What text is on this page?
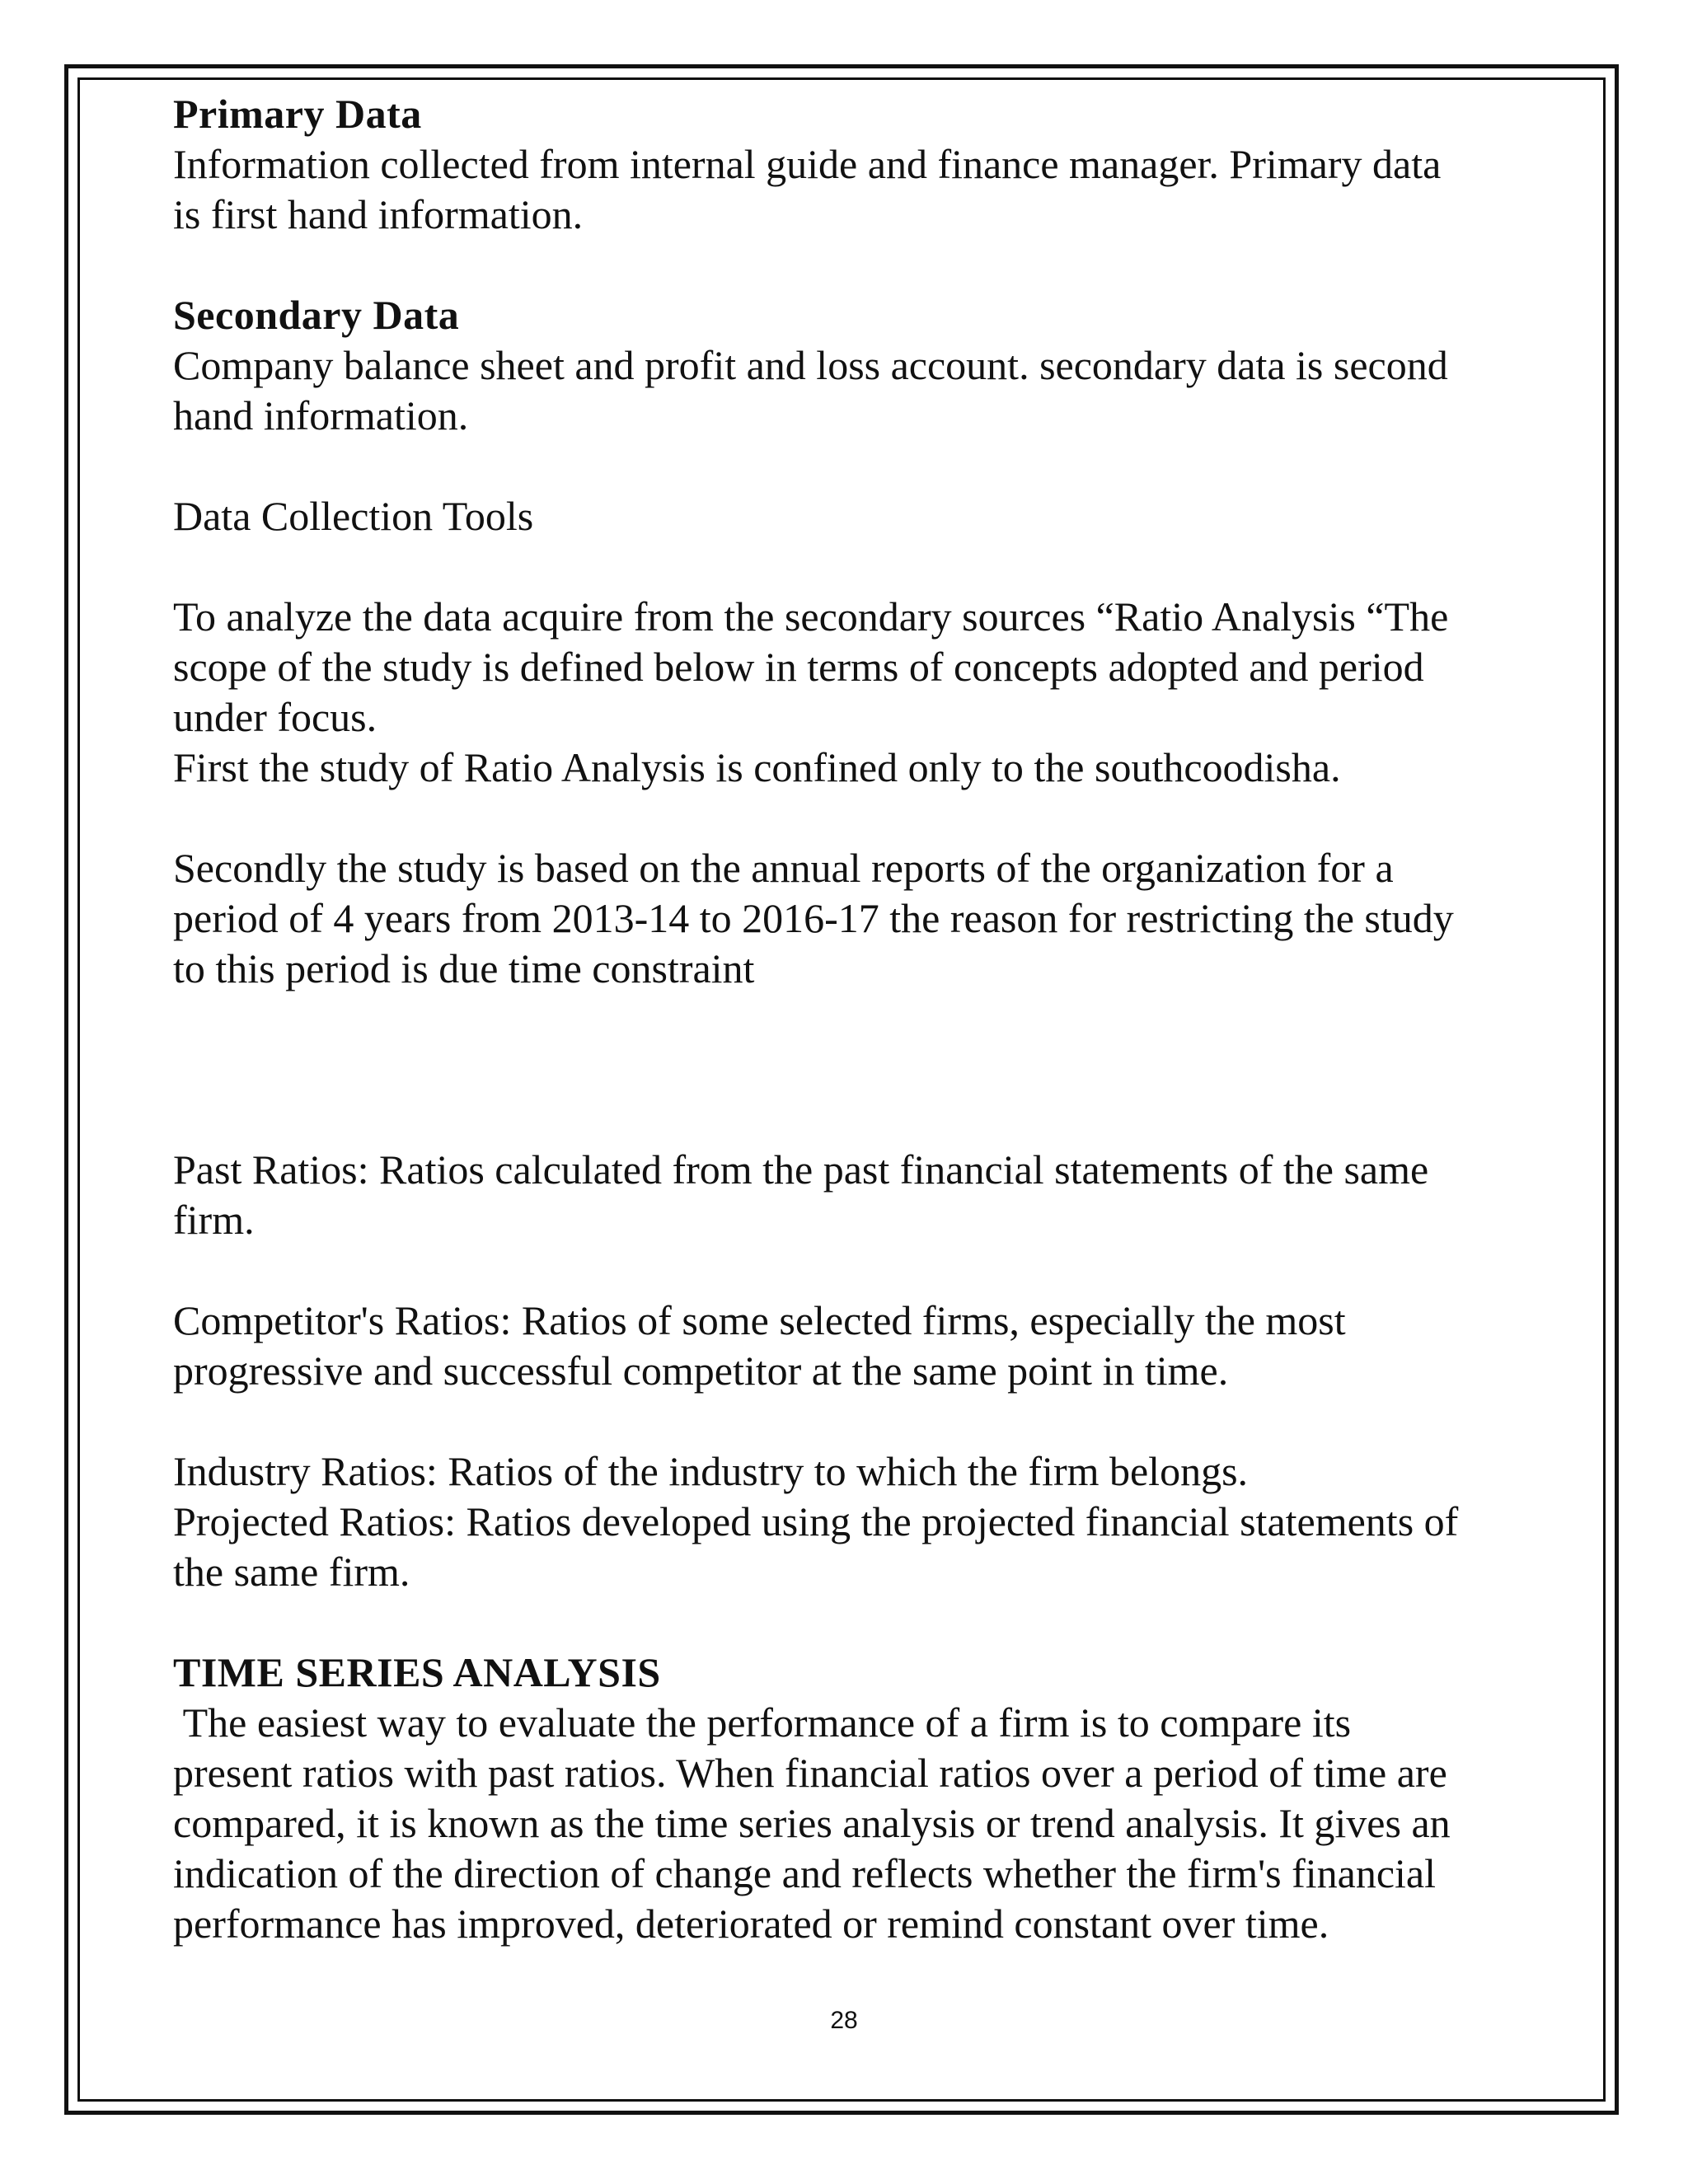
Primary Data

Information collected from internal guide and finance manager. Primary data

is first hand information.

Secondary Data

Company balance sheet and profit and loss account. secondary data is second

hand information.

Data Collection Tools

To analyze the data acquire from the secondary sources “Ratio Analysis “The

scope of the study is defined below in terms of concepts adopted and period

under focus.

First the study of Ratio Analysis is confined only to the southcoodisha.

Secondly the study is based on the annual reports of the organization for a

period of 4 years from 2013-14 to 2016-17 the reason for restricting the study

to this period is due time constraint

Past Ratios: Ratios calculated from the past financial statements of the same

firm.

Competitor's Ratios: Ratios of some selected firms, especially the most

progressive and successful competitor at the same point in time.

Industry Ratios: Ratios of the industry to which the firm belongs.

Projected Ratios: Ratios developed using the projected financial statements of

the same firm.

TIME SERIES ANALYSIS

The easiest way to evaluate the performance of a firm is to compare its

present ratios with past ratios. When financial ratios over a period of time are

compared, it is known as the time series analysis or trend analysis. It gives an

indication of the direction of change and reflects whether the firm's financial

performance has improved, deteriorated or remind constant over time.

28
